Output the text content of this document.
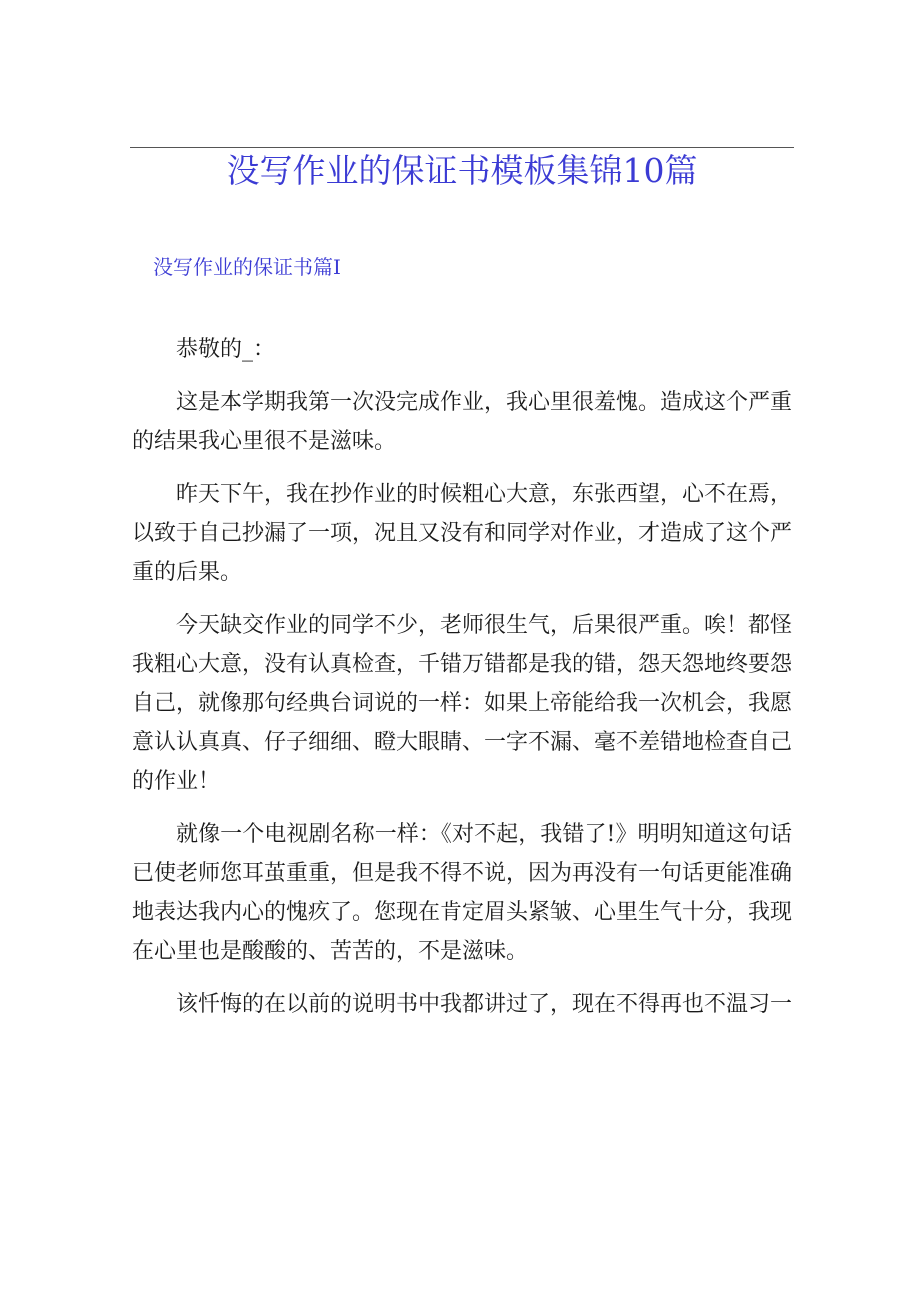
没写作业的保证书模板集锦10篇
没写作业的保证书篇I

恭敬的_：

这是本学期我第一次没完成作业，我心里很羞愧。造成这个严重的结果我心里很不是滋味。

昨天下午，我在抄作业的时候粗心大意，东张西望，心不在焉，以致于自己抄漏了一项，况且又没有和同学对作业，才造成了这个严重的后果。

今天缺交作业的同学不少，老师很生气，后果很严重。唉！都怪我粗心大意，没有认真检查，千错万错都是我的错，怨天怨地终要怨自己，就像那句经典台词说的一样：如果上帝能给我一次机会，我愿意认认真真、仔子细细、瞪大眼睛、一字不漏、毫不差错地检查自己的作业！

就像一个电视剧名称一样：《对不起，我错了!》明明知道这句话已使老师您耳茧重重，但是我不得不说，因为再没有一句话更能准确地表达我内心的愧疚了。您现在肯定眉头紧皱、心里生气十分，我现在心里也是酸酸的、苦苦的，不是滋味。

该忏悔的在以前的说明书中我都讲过了，现在不得再也不温习一
